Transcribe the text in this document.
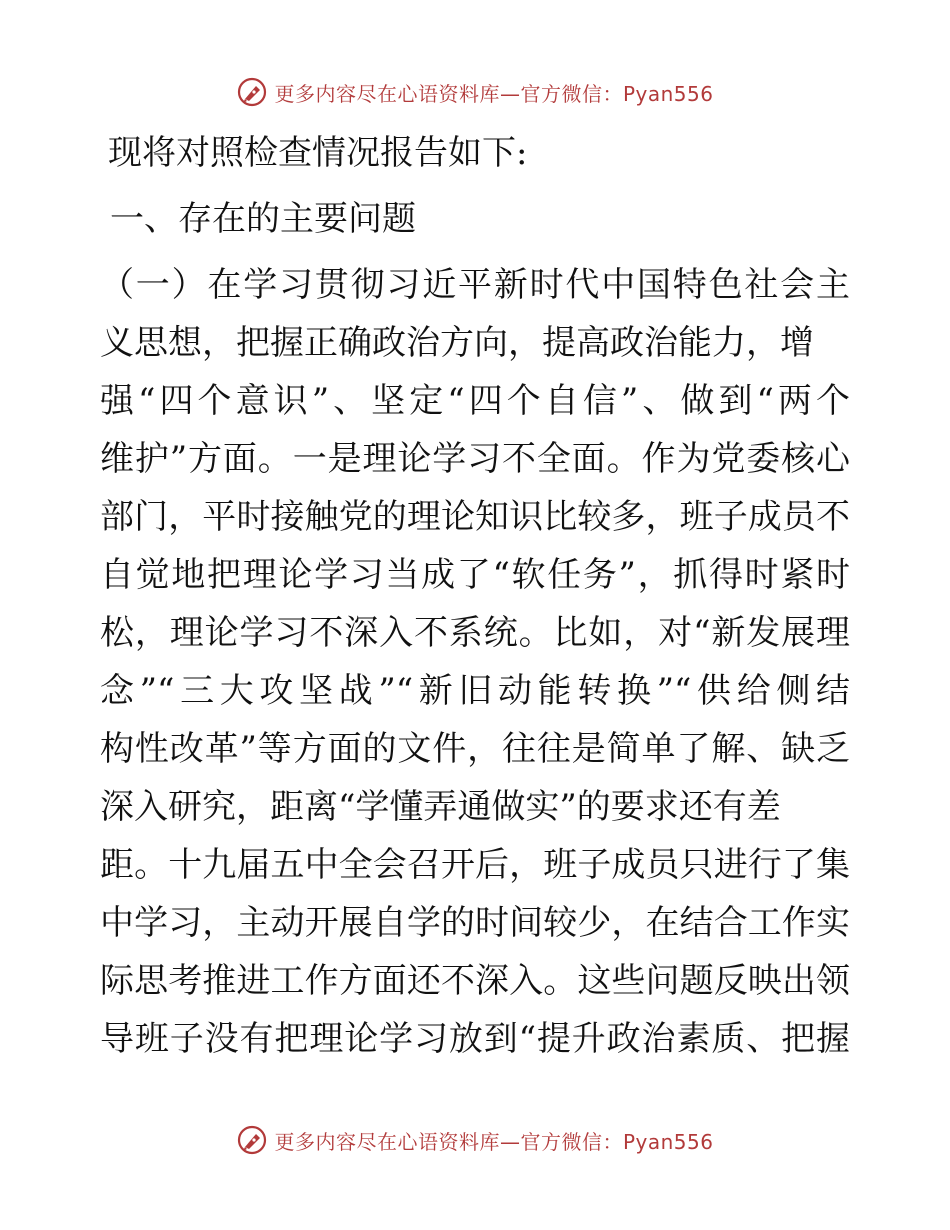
更多内容尽在心语资料库—官方微信：Pyan556
现将对照检查情况报告如下:
一、存在的主要问题
（一）在学习贯彻习近平新时代中国特色社会主
义思想，把握正确政治方向，提高政治能力，增
强“四个意识”、坚定“四个自信”、做到“两个
维护”方面。一是理论学习不全面。作为党委核心
部门，平时接触党的理论知识比较多，班子成员不
自觉地把理论学习当成了“软任务”，抓得时紧时
松，理论学习不深入不系统。比如，对“新发展理
念”“三大攻坚战”“新旧动能转换”“供给侧结
构性改革”等方面的文件，往往是简单了解、缺乏
深入研究，距离“学懂弄通做实”的要求还有差
距。十九届五中全会召开后，班子成员只进行了集
中学习，主动开展自学的时间较少，在结合工作实
际思考推进工作方面还不深入。这些问题反映出领
导班子没有把理论学习放到“提升政治素质、把握
更多内容尽在心语资料库—官方微信：Pyan556
